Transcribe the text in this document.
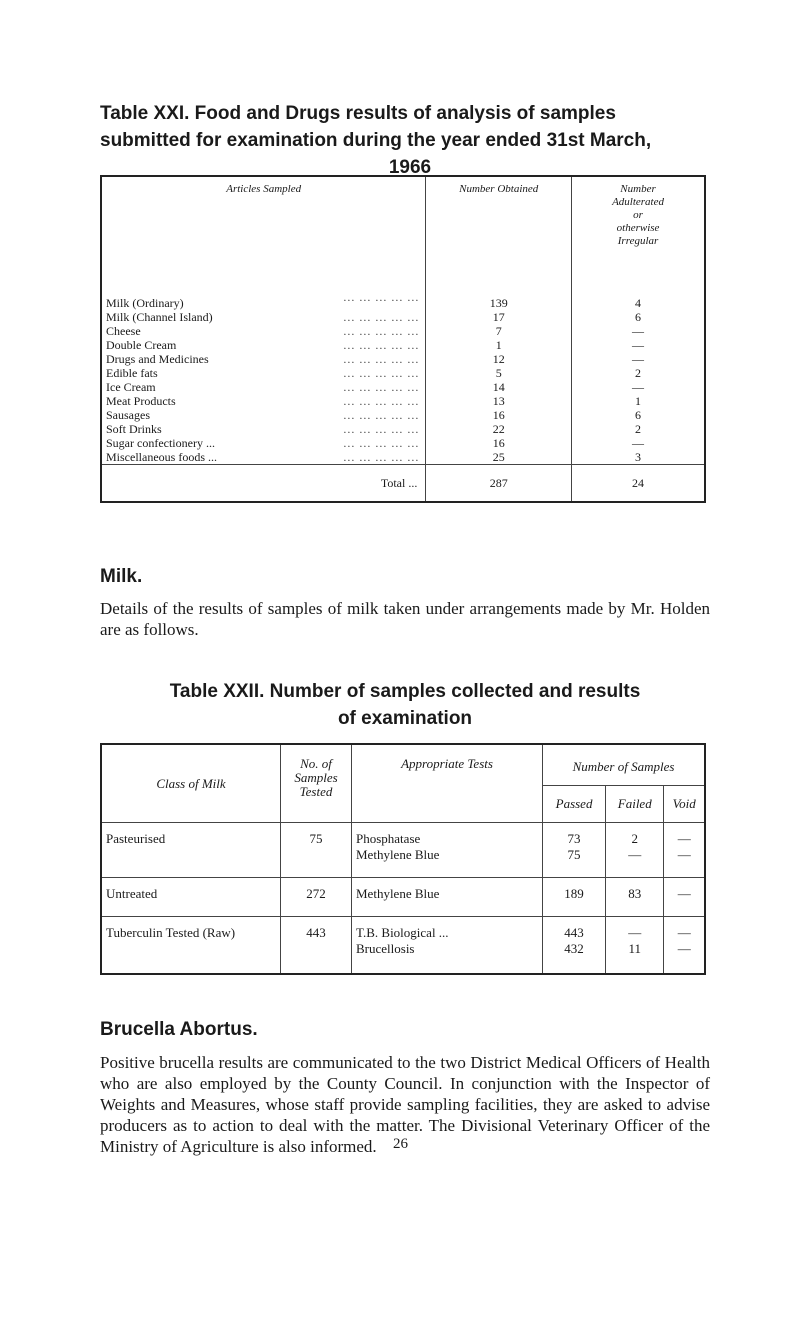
Table XXI. Food and Drugs results of analysis of samples
submitted for examination during the year ended 31st March,
1966
Articles Sampled	Number Obtained	Number Adulterated or otherwise Irregular
Milk (Ordinary) ... ... ... ... ...	139	4
Milk (Channel Island) ... ... ... ... ...	17	6
Cheese ... ... ... ... ...	7	—
Double Cream ... ... ... ... ...	1	—
Drugs and Medicines ... ... ... ... ...	12	—
Edible fats ... ... ... ... ...	5	2
Ice Cream ... ... ... ... ...	14	—
Meat Products ... ... ... ... ...	13	1
Sausages ... ... ... ... ...	16	6
Soft Drinks ... ... ... ... ...	22	2
Sugar confectionery ... ... ... ... ... ...	16	—
Miscellaneous foods ... ... ... ... ... ...	25	3
Total ...	287	24
Milk.
Details of the results of samples of milk taken under arrangements made by Mr. Holden are as follows.
Table XXII. Number of samples collected and results
of examination
Class of Milk	No. of Samples Tested	Appropriate Tests	Number of Samples		
			Passed	Failed	Void
Pasteurised	75	Phosphatase	73	2	—
		Methylene Blue	75	—	—
Untreated	272	Methylene Blue	189	83	—
Tuberculin Tested (Raw)	443	T.B. Biological ...	443	—	—
		Brucellosis	432	11	—
Brucella Abortus.
Positive brucella results are communicated to the two District Medical Officers of Health who are also employed by the County Council. In conjunction with the Inspector of Weights and Measures, whose staff provide sampling facilities, they are asked to advise producers as to action to deal with the matter. The Divisional Veterinary Officer of the Ministry of Agriculture is also informed.	26
